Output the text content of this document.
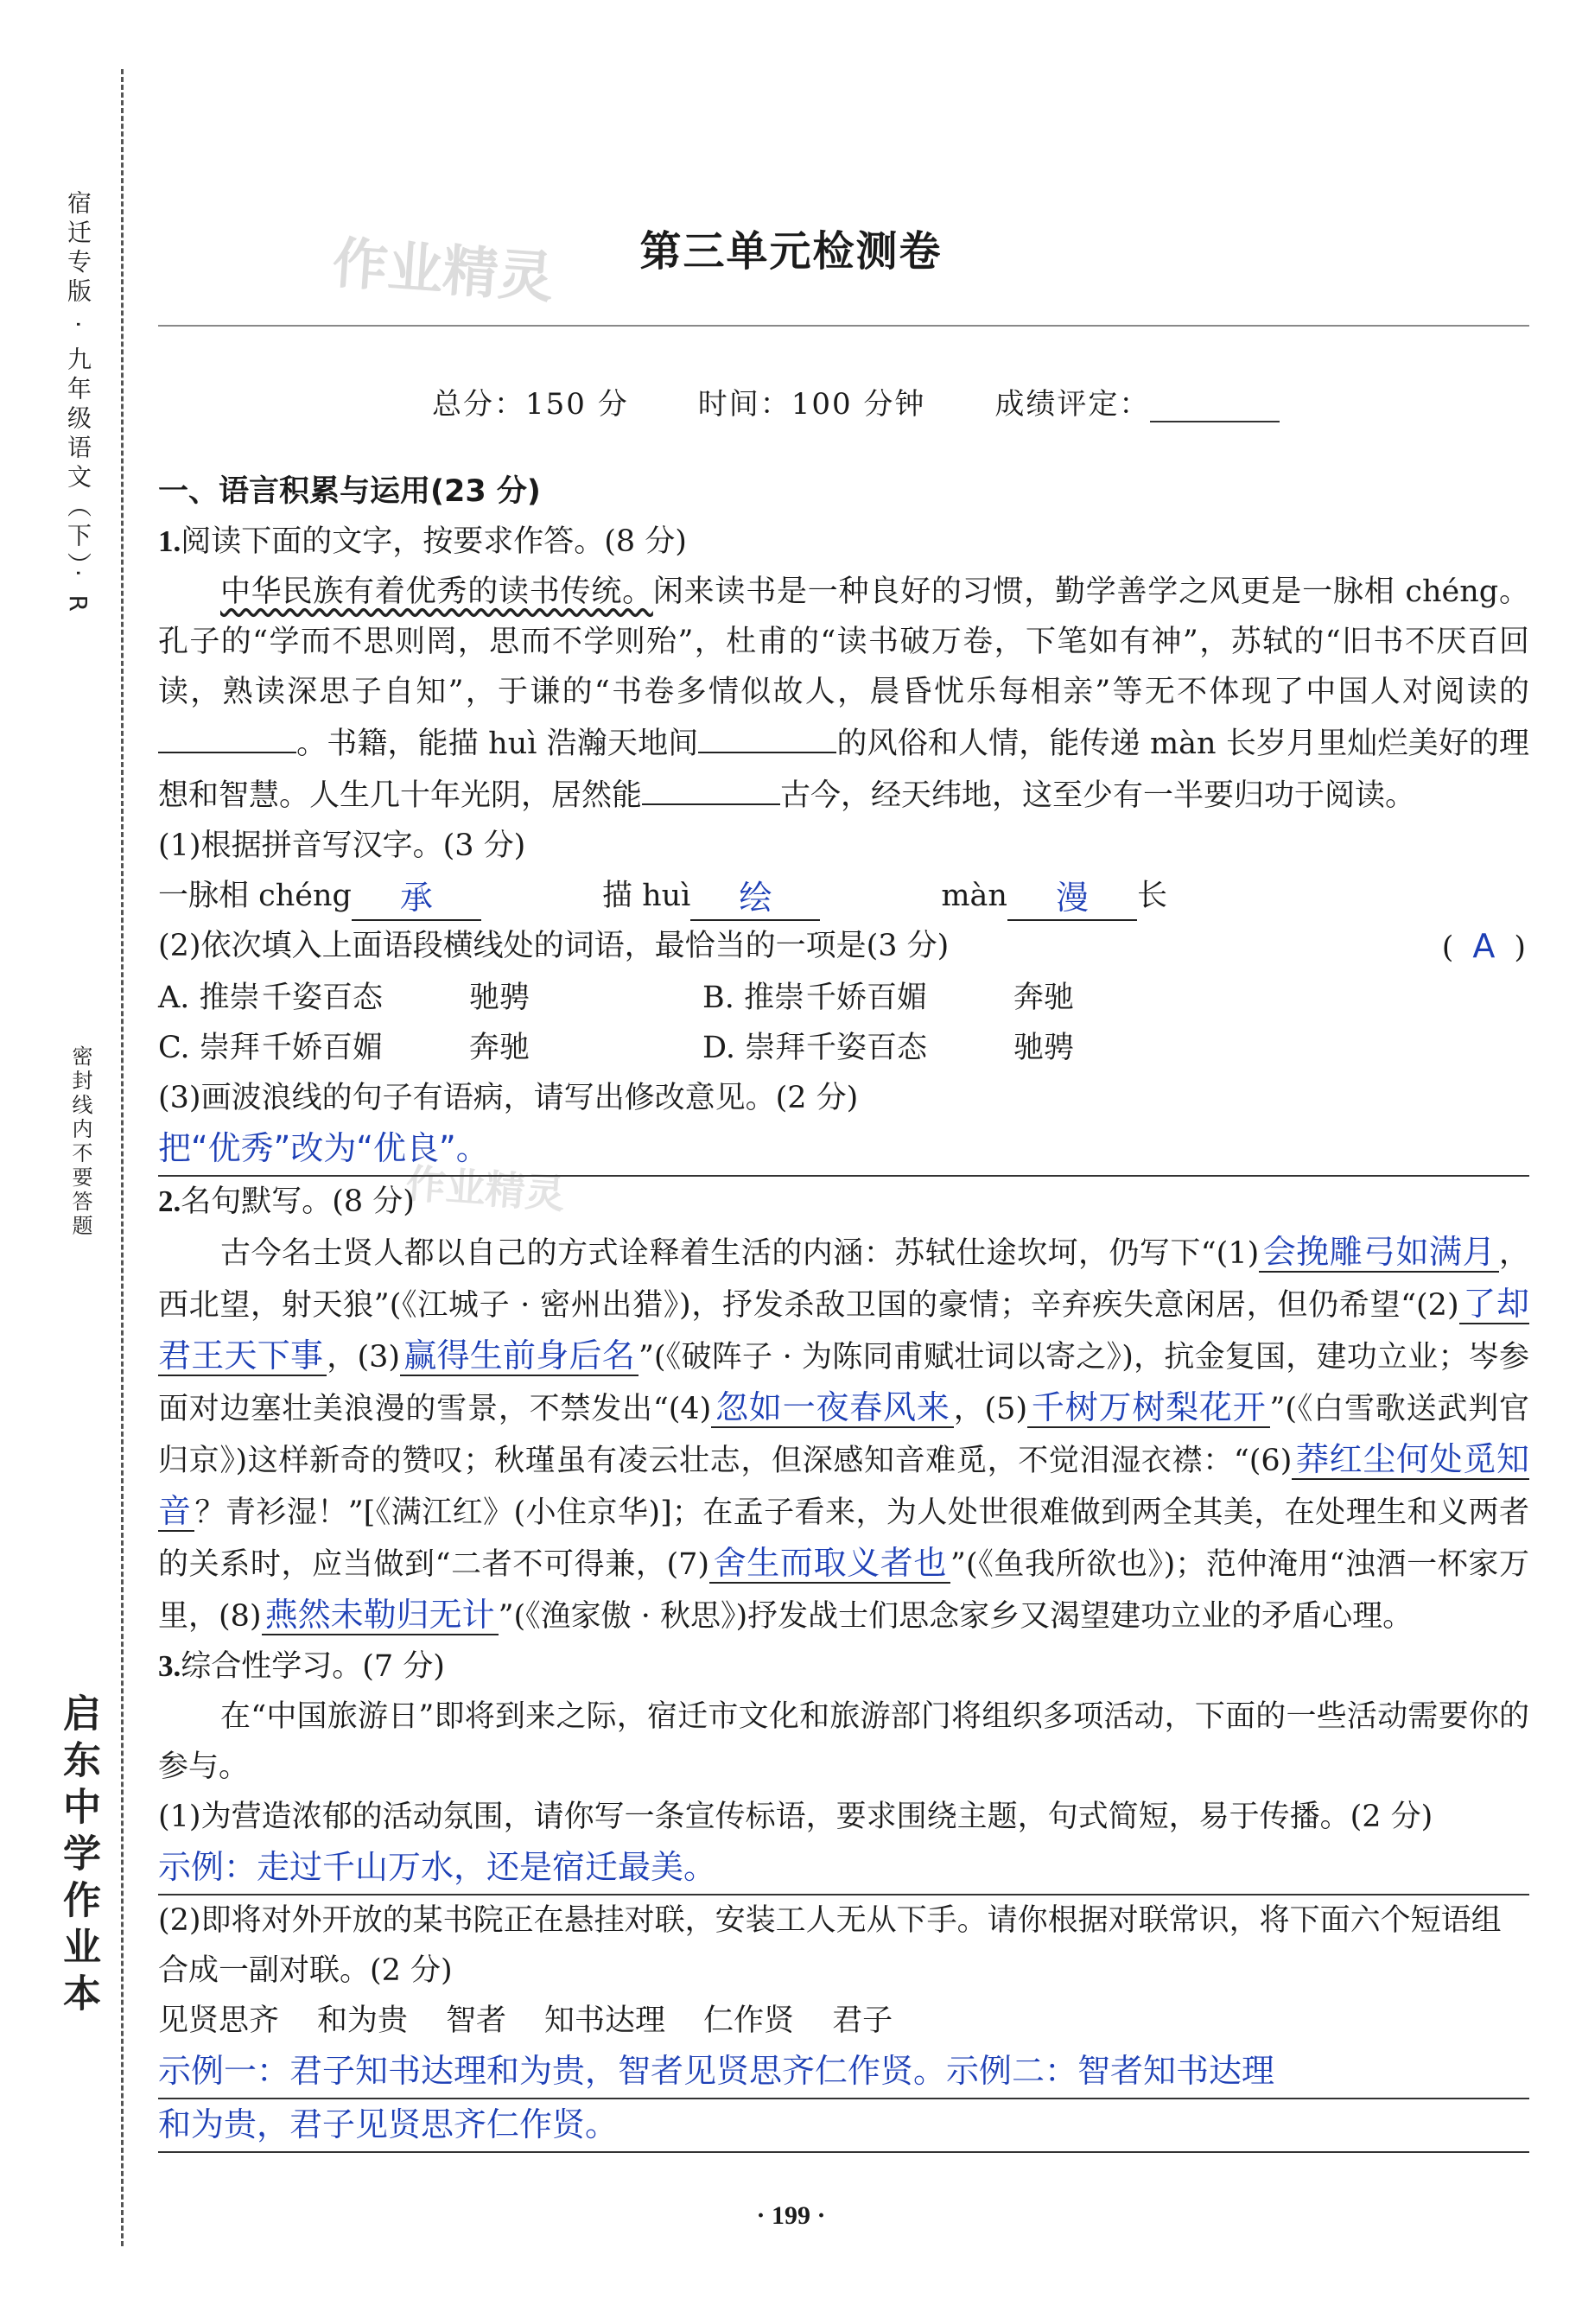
宿迁专版 · 九年级语文（下）· R
密封线内不要答题
启东中学作业本
作业精灵
作业精灵
第三单元检测卷
总分：150 分 时间：100 分钟 成绩评定：

一、语言积累与运用(23 分)

1.阅读下面的文字，按要求作答。(8 分)

中华民族有着优秀的读书传统。闲来读书是一种良好的习惯，勤学善学之风更是一脉相 chéng。孔子的“学而不思则罔，思而不学则殆”，杜甫的“读书破万卷，下笔如有神”，苏轼的“旧书不厌百回读，熟读深思子自知”，于谦的“书卷多情似故人，晨昏忧乐每相亲”等无不体现了中国人对阅读的。书籍，能描 huì 浩瀚天地间	的风俗和人情，能传递 màn 长岁月里灿烂美好的理想和智慧。人生几十年光阴，居然能	古今，经天纬地，这至少有一半要归功于阅读。

(1)根据拼音写汉字。(3 分)

一脉相 chéng	承	描 huì	绘	màn	漫	长
(2)依次填入上面语段横线处的词语，最恰当的一项是(3 分)	( A )
A. 推崇 千姿百态	驰骋	B. 推崇 千娇百媚	奔驰
C. 崇拜 千娇百媚	奔驰	D. 崇拜 千姿百态	驰骋

(3)画波浪线的句子有语病，请写出修改意见。(2 分)

把“优秀”改为“优良”。

2.名句默写。(8 分)

古今名士贤人都以自己的方式诠释着生活的内涵：苏轼仕途坎坷，仍写下“(1) 会挽雕弓如满月 ，西北望，射天狼”(《江城子 · 密州出猎》)，抒发杀敌卫国的豪情；辛弃疾失意闲居，但仍希望“(2) 了却君王天下事 ，(3) 赢得生前身后名 ”(《破阵子 · 为陈同甫赋壮词以寄之》)，抗金复国，建功立业；岑参面对边塞壮美浪漫的雪景，不禁发出“(4) 忽如一夜春风来 ，(5) 千树万树梨花开 ”(《白雪歌送武判官归京》)这样新奇的赞叹；秋瑾虽有凌云壮志，但深感知音难觅，不觉泪湿衣襟：“(6) 莽红尘何处觅知音 ？青衫湿！”[《满江红》(小住京华)]；在孟子看来，为人处世很难做到两全其美，在处理生和义两者的关系时，应当做到“二者不可得兼，(7) 舍生而取义者也 ”(《鱼我所欲也》)；范仲淹用“浊酒一杯家万里，(8) 燕然未勒归无计 ”(《渔家傲 · 秋思》)抒发战士们思念家乡又渴望建功立业的矛盾心理。

3.综合性学习。(7 分)

在“中国旅游日”即将到来之际，宿迁市文化和旅游部门将组织多项活动，下面的一些活动需要你的参与。

(1)为营造浓郁的活动氛围，请你写一条宣传标语，要求围绕主题，句式简短，易于传播。(2 分)

示例：走过千山万水，还是宿迁最美。

(2)即将对外开放的某书院正在悬挂对联，安装工人无从下手。请你根据对联常识，将下面六个短语组合成一副对联。(2 分)

见贤思齐 和为贵 智者 知书达理 仁作贤 君子
示例一：君子知书达理和为贵，智者见贤思齐仁作贤。示例二：智者知书达理
和为贵，君子见贤思齐仁作贤。
· 199 ·
